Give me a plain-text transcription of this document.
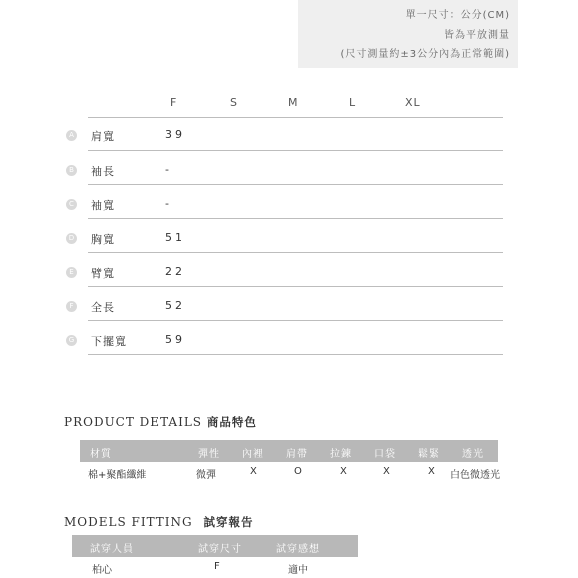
單一尺寸：公分(CM)
皆為平放測量
(尺寸測量約±3公分內為正常範圍)
F	S	M	L	XL
A 肩寬	39
B 袖長	-
C 袖寬	-
D 胸寬	51
E 臂寬	22
F	全長	52
G 下擺寬	59
PRODUCT DETAILS 商品特色
材質	彈性 內裡 肩帶 拉鍊 口袋 鬆緊 透光
棉+聚酯纖維	微彈	X	O	X	X	X 白色微透光
MODELS FITTING 試穿報告
試穿人員	試穿尺寸	試穿感想
柏心	F	適中
